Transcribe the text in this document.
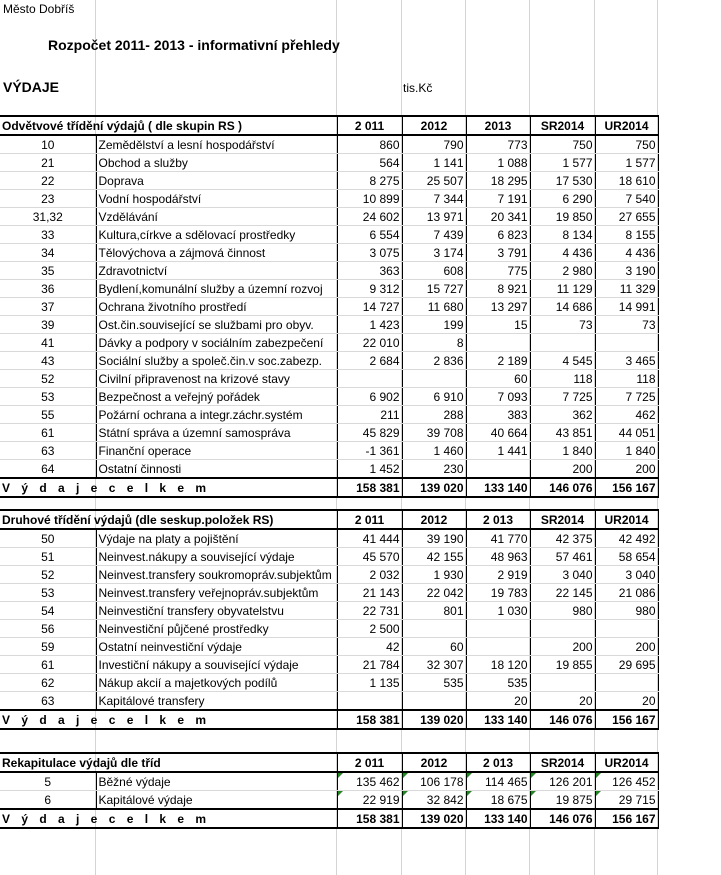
Město Dobříš
Rozpočet 2011- 2013 - informativní přehledy
VÝDAJE	tis.Kč
Odvětvové třídění výdajů ( dle skupin RS )		2 011	2012	2013	SR2014	UR2014
10	Zemědělství a lesní hospodářství	860	790	773	750	750
21	Obchod a služby	564	1 141	1 088	1 577	1 577
22	Doprava	8 275	25 507	18 295	17 530	18 610
23	Vodní hospodářství	10 899	7 344	7 191	6 290	7 540
31,32	Vzdělávání	24 602	13 971	20 341	19 850	27 655
33	Kultura,církve a sdělovací prostředky	6 554	7 439	6 823	8 134	8 155
34	Tělovýchova a zájmová činnost	3 075	3 174	3 791	4 436	4 436
35	Zdravotnictví	363	608	775	2 980	3 190
36	Bydlení,komunální služby a územní rozvoj	9 312	15 727	8 921	11 129	11 329
37	Ochrana životního prostředí	14 727	11 680	13 297	14 686	14 991
39	Ost.čin.související se službami pro obyv.	1 423	199	15	73	73
41	Dávky a podpory v sociálním zabezpečení	22 010	8			
43	Sociální služby a společ.čin.v soc.zabezp.	2 684	2 836	2 189	4 545	3 465
52	Civilní připravenost na krizové stavy			60	118	118
53	Bezpečnost a veřejný pořádek	6 902	6 910	7 093	7 725	7 725
55	Požární ochrana a integr.záchr.systém	211	288	383	362	462
61	Státní správa a územní samospráva	45 829	39 708	40 664	43 851	44 051
63	Finanční operace	-1 361	1 460	1 441	1 840	1 840
64	Ostatní činnosti	1 452	230		200	200
V ý d a j e c e l k e m		158 381	139 020	133 140	146 076	156 167
Druhové třídění výdajů (dle seskup.položek RS)		2 011	2012	2 013	SR2014	UR2014
50	Výdaje na platy a pojištění	41 444	39 190	41 770	42 375	42 492
51	Neinvest.nákupy a související výdaje	45 570	42 155	48 963	57 461	58 654
52	Neinvest.transfery soukromopráv.subjektům	2 032	1 930	2 919	3 040	3 040
53	Neinvest.transfery veřejnopráv.subjektům	21 143	22 042	19 783	22 145	21 086
54	Neinvestiční transfery obyvatelstvu	22 731	801	1 030	980	980
56	Neinvestiční půjčené prostředky	2 500				
59	Ostatní neinvestiční výdaje	42	60		200	200
61	Investiční nákupy a související výdaje	21 784	32 307	18 120	19 855	29 695
62	Nákup akcií a majetkových podílů	1 135	535	535		
63	Kapitálové transfery			20	20	20
V ý d a j e c e l k e m		158 381	139 020	133 140	146 076	156 167
Rekapitulace výdajů dle tříd		2 011	2012	2 013	SR2014	UR2014
5	Běžné výdaje	135 462	106 178	114 465	126 201	126 452
6	Kapitálové výdaje	22 919	32 842	18 675	19 875	29 715
V ý d a j e c e l k e m		158 381	139 020	133 140	146 076	156 167
